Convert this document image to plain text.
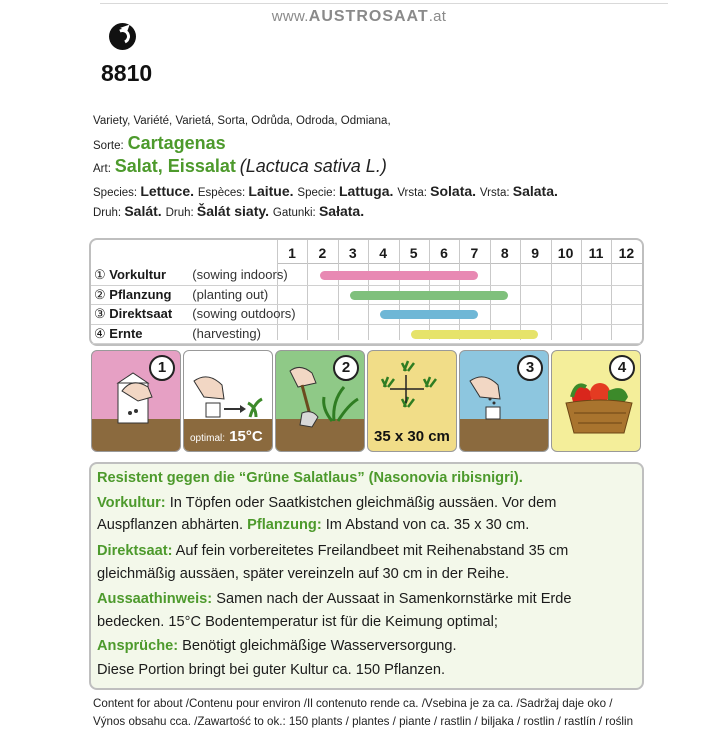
www.AUSTROSAAT.at
8810
Variety, Variété, Varietá, Sorta, Odrůda, Odroda, Odmiana,
Sorte: Cartagenas
Art: Salat, Eissalat (Lactuca sativa L.)
Species: Lettuce. Espèces: Laitue. Specie: Lattuga. Vrsta: Solata. Vrsta: Salata.
Druh: Salát. Druh: Šalát siaty. Gatunki: Sałata.
1	2	3	4	5	6	7	8	9	10	11	12
① Vorkultur (sowing indoors)
② Pflanzung (planting out)
③ Direktsaat (sowing outdoors)
④ Ernte	(harvesting)
1
optimal: 15°C
2
35 x 30 cm
3	4
Resistent gegen die “Grüne Salatlaus” (Nasonovia ribisnigri).
Vorkultur: In Töpfen oder Saatkistchen gleichmäßig aussäen. Vor dem
Auspflanzen abhärten. Pflanzung: Im Abstand von ca. 35 x 30 cm.
Direktsaat: Auf fein vorbereitetes Freilandbeet mit Reihenabstand 35 cm
gleichmäßig aussäen, später vereinzeln auf 30 cm in der Reihe.
Aussaathinweis: Samen nach der Aussaat in Samenkornstärke mit Erde
bedecken. 15°C Bodentemperatur ist für die Keimung optimal;
Ansprüche: Benötigt gleichmäßige Wasserversorgung.
Diese Portion bringt bei guter Kultur ca. 150 Pflanzen.
Content for about /Contenu pour environ /Il contenuto rende ca. /Vsebina je za ca. /Sadržaj daje oko /
Výnos obsahu cca. /Zawartość to ok.: 150 plants / plantes / piante / rastlin / biljaka / rostlin / rastlín / roślin
